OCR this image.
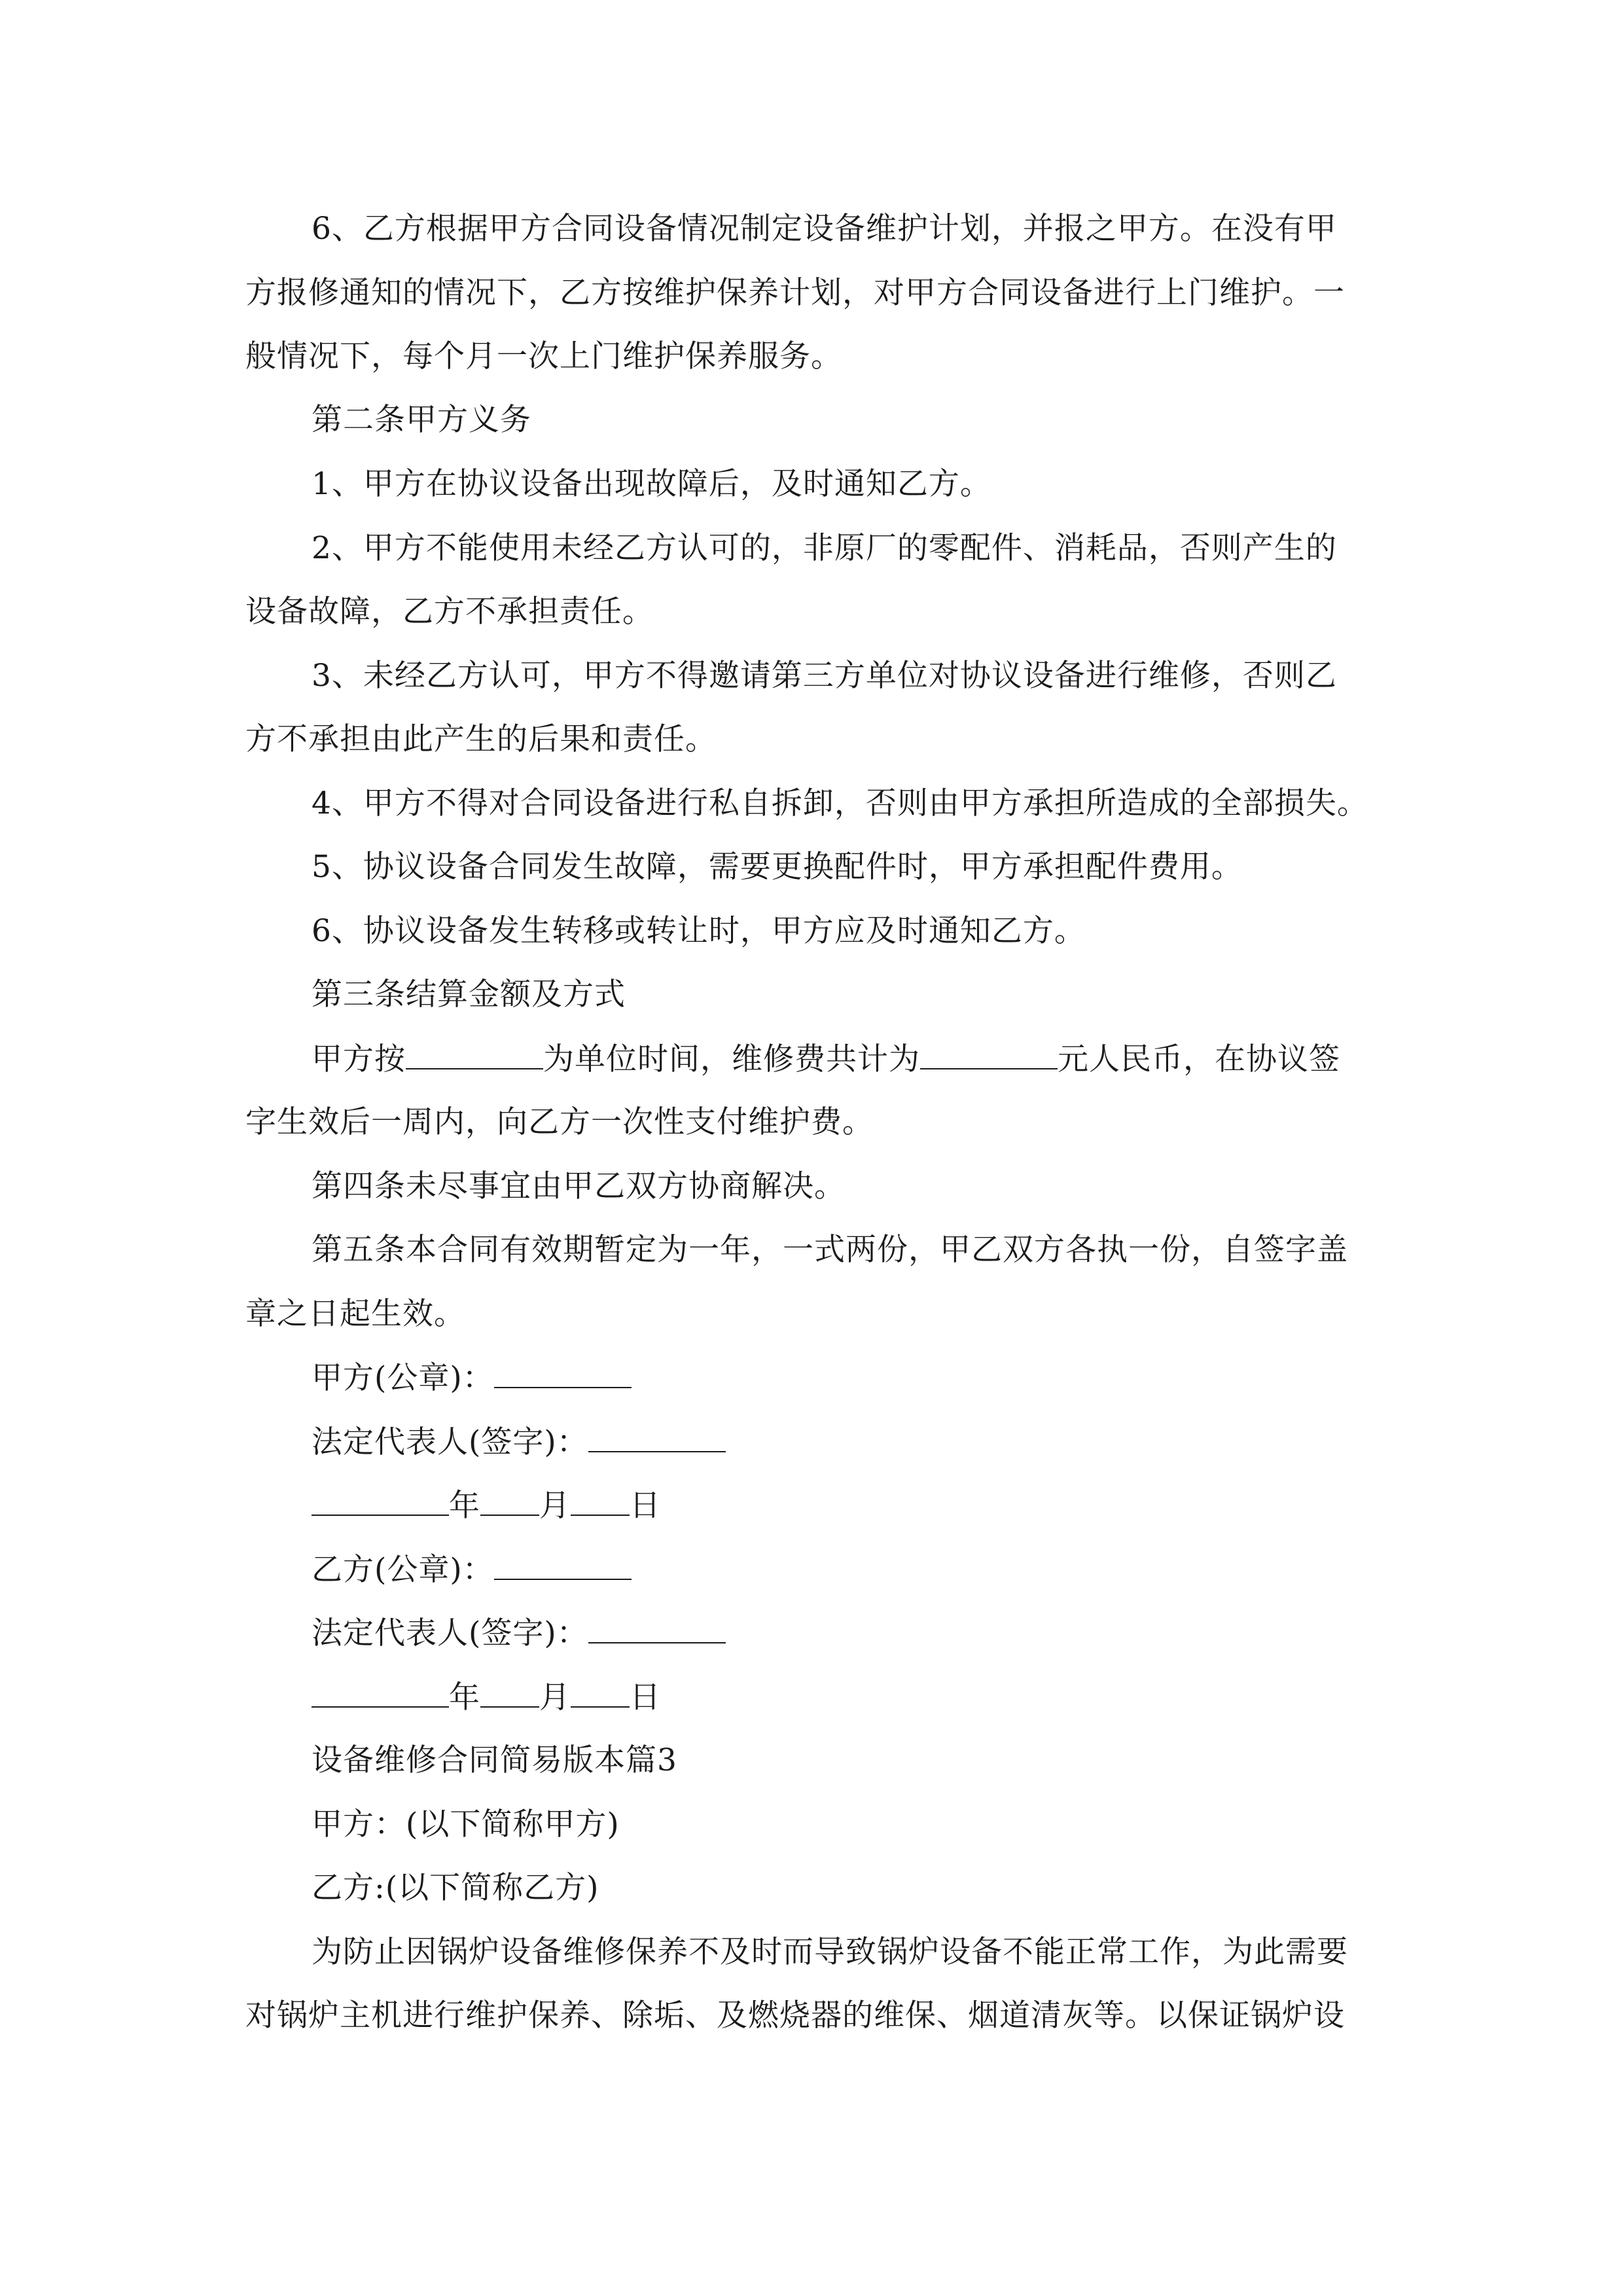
6、乙方根据甲方合同设备情况制定设备维护计划，并报之甲方。在没有甲
方报修通知的情况下，乙方按维护保养计划，对甲方合同设备进行上门维护。一
般情况下，每个月一次上门维护保养服务。
第二条甲方义务
1、甲方在协议设备出现故障后，及时通知乙方。
2、甲方不能使用未经乙方认可的，非原厂的零配件、消耗品，否则产生的
设备故障，乙方不承担责任。
3、未经乙方认可，甲方不得邀请第三方单位对协议设备进行维修，否则乙
方不承担由此产生的后果和责任。
4、甲方不得对合同设备进行私自拆卸，否则由甲方承担所造成的全部损失。
5、协议设备合同发生故障，需要更换配件时，甲方承担配件费用。
6、协议设备发生转移或转让时，甲方应及时通知乙方。
第三条结算金额及方式
甲方按	为单位时间，维修费共计为	元人民币，在协议签
字生效后一周内，向乙方一次性支付维护费。
第四条未尽事宜由甲乙双方协商解决。
第五条本合同有效期暂定为一年，一式两份，甲乙双方各执一份，自签字盖
章之日起生效。
甲方(公章)：
法定代表人(签字)：
年 月 日
乙方(公章)：
法定代表人(签字)：
年 月 日
设备维修合同简易版本篇3
甲方：(以下简称甲方)
乙方:(以下简称乙方)
为防止因锅炉设备维修保养不及时而导致锅炉设备不能正常工作，为此需要
对锅炉主机进行维护保养、除垢、及燃烧器的维保、烟道清灰等。以保证锅炉设
